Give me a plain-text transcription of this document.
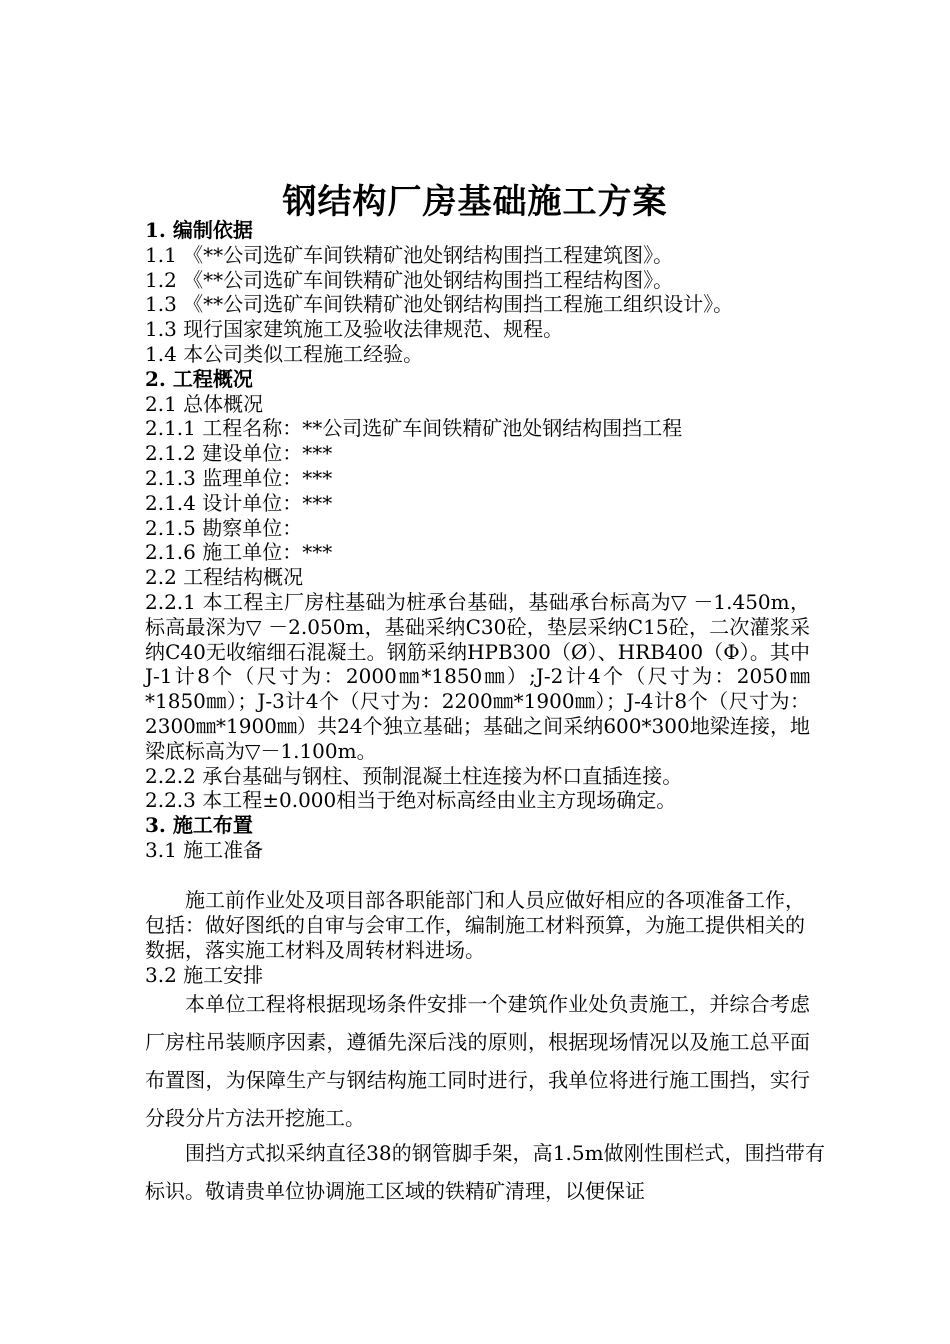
钢结构厂房基础施工方案
1. 编制依据
1.1 《**公司选矿车间铁精矿池处钢结构围挡工程建筑图》。
1.2 《**公司选矿车间铁精矿池处钢结构围挡工程结构图》。
1.3 《**公司选矿车间铁精矿池处钢结构围挡工程施工组织设计》。
1.3 现行国家建筑施工及验收法律规范、规程。
1.4 本公司类似工程施工经验。
2. 工程概况
2.1 总体概况
2.1.1 工程名称：**公司选矿车间铁精矿池处钢结构围挡工程
2.1.2 建设单位：***
2.1.3 监理单位：***
2.1.4 设计单位：***
2.1.5 勘察单位：
2.1.6 施工单位：***
2.2 工程结构概况
2.2.1 本工程主厂房柱基础为桩承台基础，基础承台标高为▽ －1.450m，标高最深为▽ －2.050m，基础采纳C30砼，垫层采纳C15砼，二次灌浆采纳C40无收缩细石混凝土。钢筋采纳HPB300（Ø）、HRB400（Φ）。其中J-1计8个（尺寸为：2000㎜*1850㎜）;J-2计4个（尺寸为：2050㎜*1850㎜）；J-3计4个（尺寸为：2200㎜*1900㎜）；J-4计8个（尺寸为：2300㎜*1900㎜）共24个独立基础；基础之间采纳600*300地梁连接，地梁底标高为▽－1.100m。
2.2.2 承台基础与钢柱、预制混凝土柱连接为杯口直插连接。
2.2.3 本工程±0.000相当于绝对标高经由业主方现场确定。
3. 施工布置
3.1 施工准备
施工前作业处及项目部各职能部门和人员应做好相应的各项准备工作，包括：做好图纸的自审与会审工作，编制施工材料预算，为施工提供相关的数据，落实施工材料及周转材料进场。
3.2 施工安排
本单位工程将根据现场条件安排一个建筑作业处负责施工，并综合考虑厂房柱吊装顺序因素，遵循先深后浅的原则，根据现场情况以及施工总平面布置图，为保障生产与钢结构施工同时进行，我单位将进行施工围挡，实行分段分片方法开挖施工。
围挡方式拟采纳直径38的钢管脚手架，高1.5m做刚性围栏式，围挡带有标识。敬请贵单位协调施工区域的铁精矿清理，以便保证
